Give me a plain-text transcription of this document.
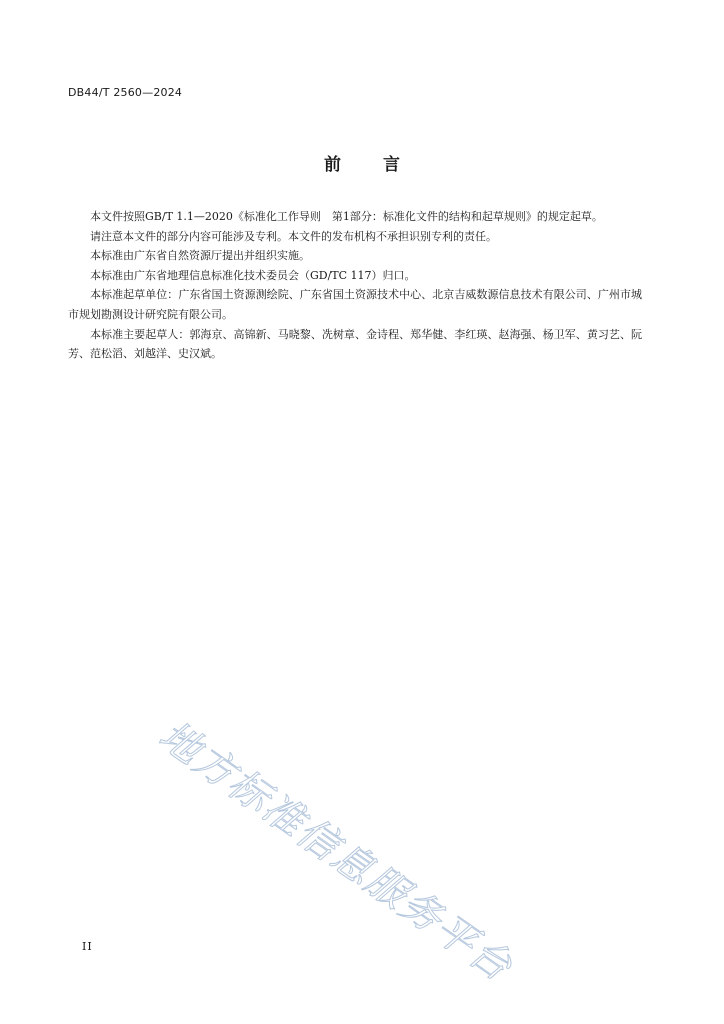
DB44/T 2560—2024
前言

本文件按照GB/T 1.1—2020《标准化工作导则　第1部分：标准化文件的结构和起草规则》的规定起草。

请注意本文件的部分内容可能涉及专利。本文件的发布机构不承担识别专利的责任。

本标准由广东省自然资源厅提出并组织实施。

本标准由广东省地理信息标准化技术委员会（GD/TC 117）归口。

本标准起草单位：广东省国土资源测绘院、广东省国土资源技术中心、北京吉威数源信息技术有限公司、广州市城市规划勘测设计研究院有限公司。

本标准主要起草人：郭海京、高锦新、马晓黎、冼树章、金诗程、郑华健、李红瑛、赵海强、杨卫军、黄习艺、阮芳、范松滔、刘越洋、史汉斌。

地方标准信息服务平台
II
